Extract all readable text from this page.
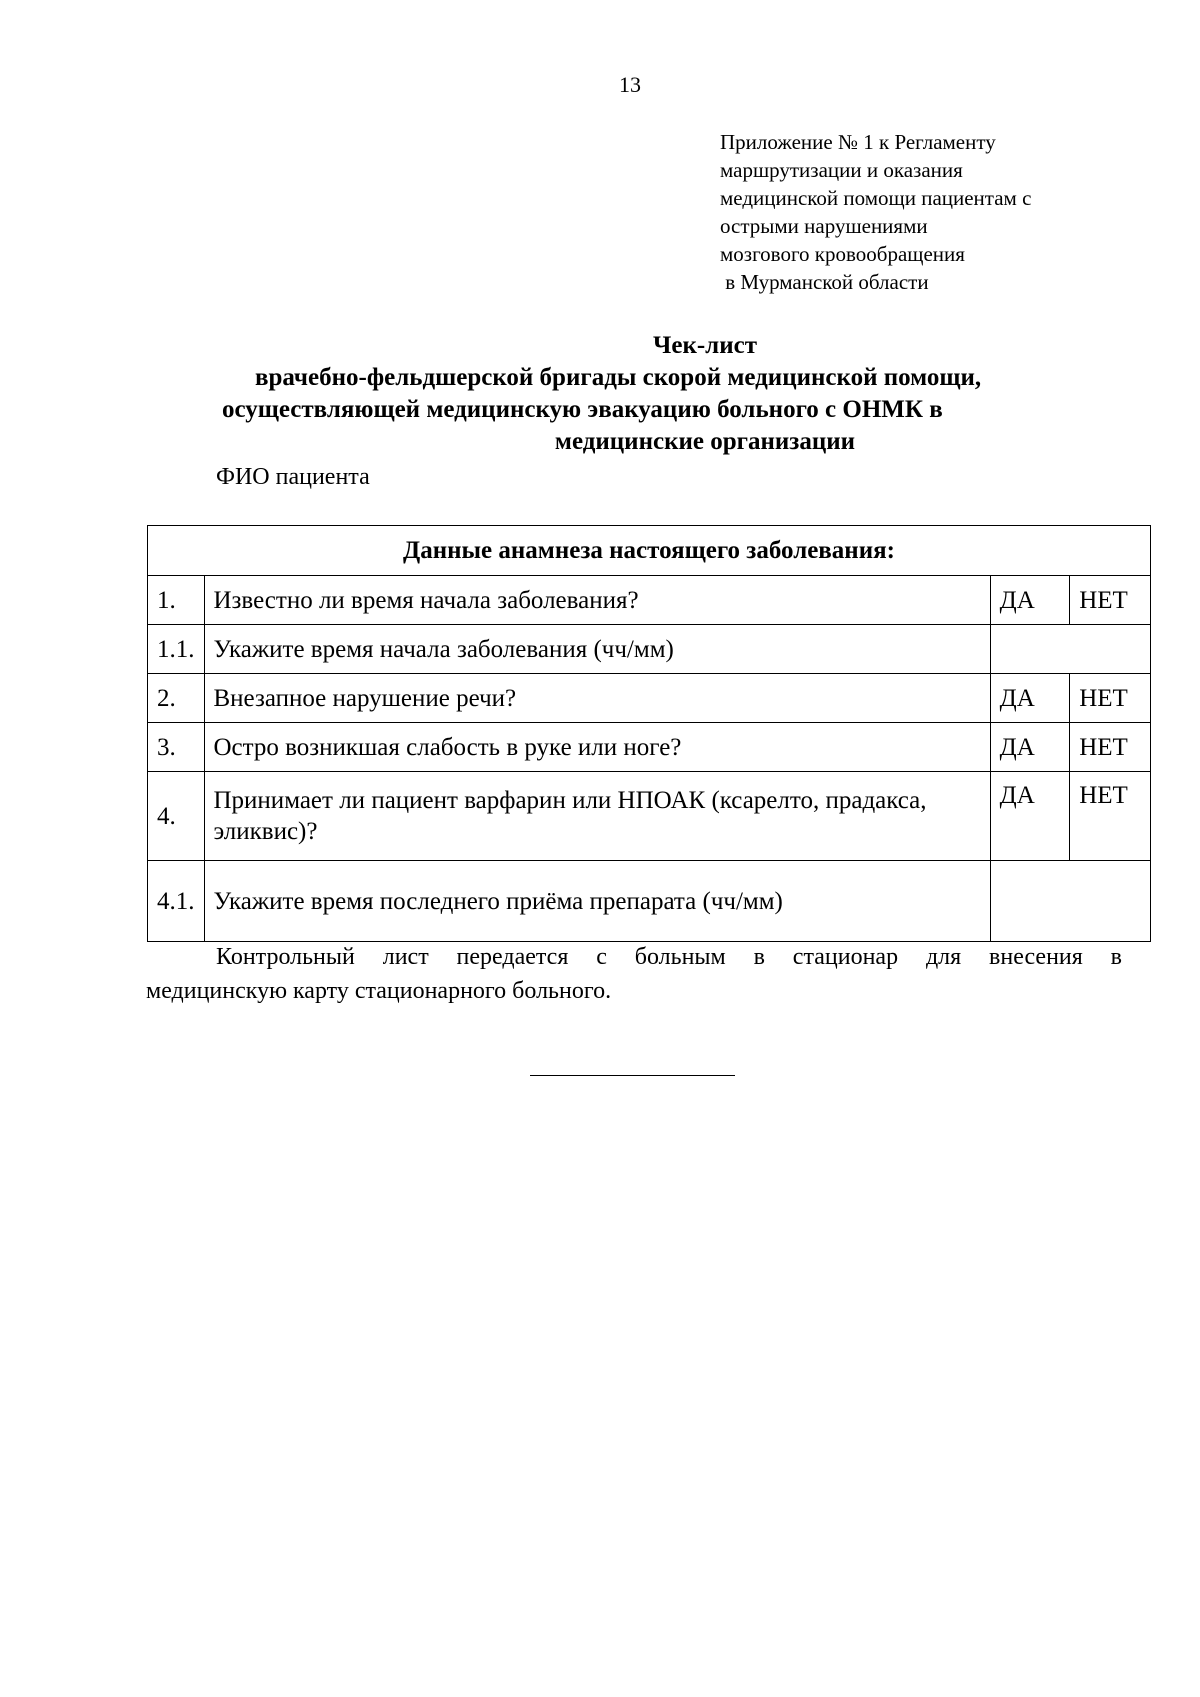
13
Приложение № 1 к Регламенту
маршрутизации и оказания
медицинской помощи пациентам с
острыми нарушениями
мозгового кровообращения
в Мурманской области
Чек-лист
врачебно-фельдшерской бригады скорой медицинской помощи,
осуществляющей медицинскую эвакуацию больного с ОНМК в
медицинские организации
ФИО пациента
Данные анамнеза настоящего заболевания:			
1.	Известно ли время начала заболевания?	ДА	НЕТ
1.1.	Укажите время начала заболевания (чч/мм)		
2.	Внезапное нарушение речи?	ДА	НЕТ
3.	Остро возникшая слабость в руке или ноге?	ДА	НЕТ
4.	Принимает ли пациент варфарин или НПОАК (ксарелто, прадакса, эликвис)?	ДА	НЕТ
4.1.	Укажите время последнего приёма препарата (чч/мм)		
Контрольный лист передается с больным в стационар для внесения в
медицинскую карту стационарного больного.
